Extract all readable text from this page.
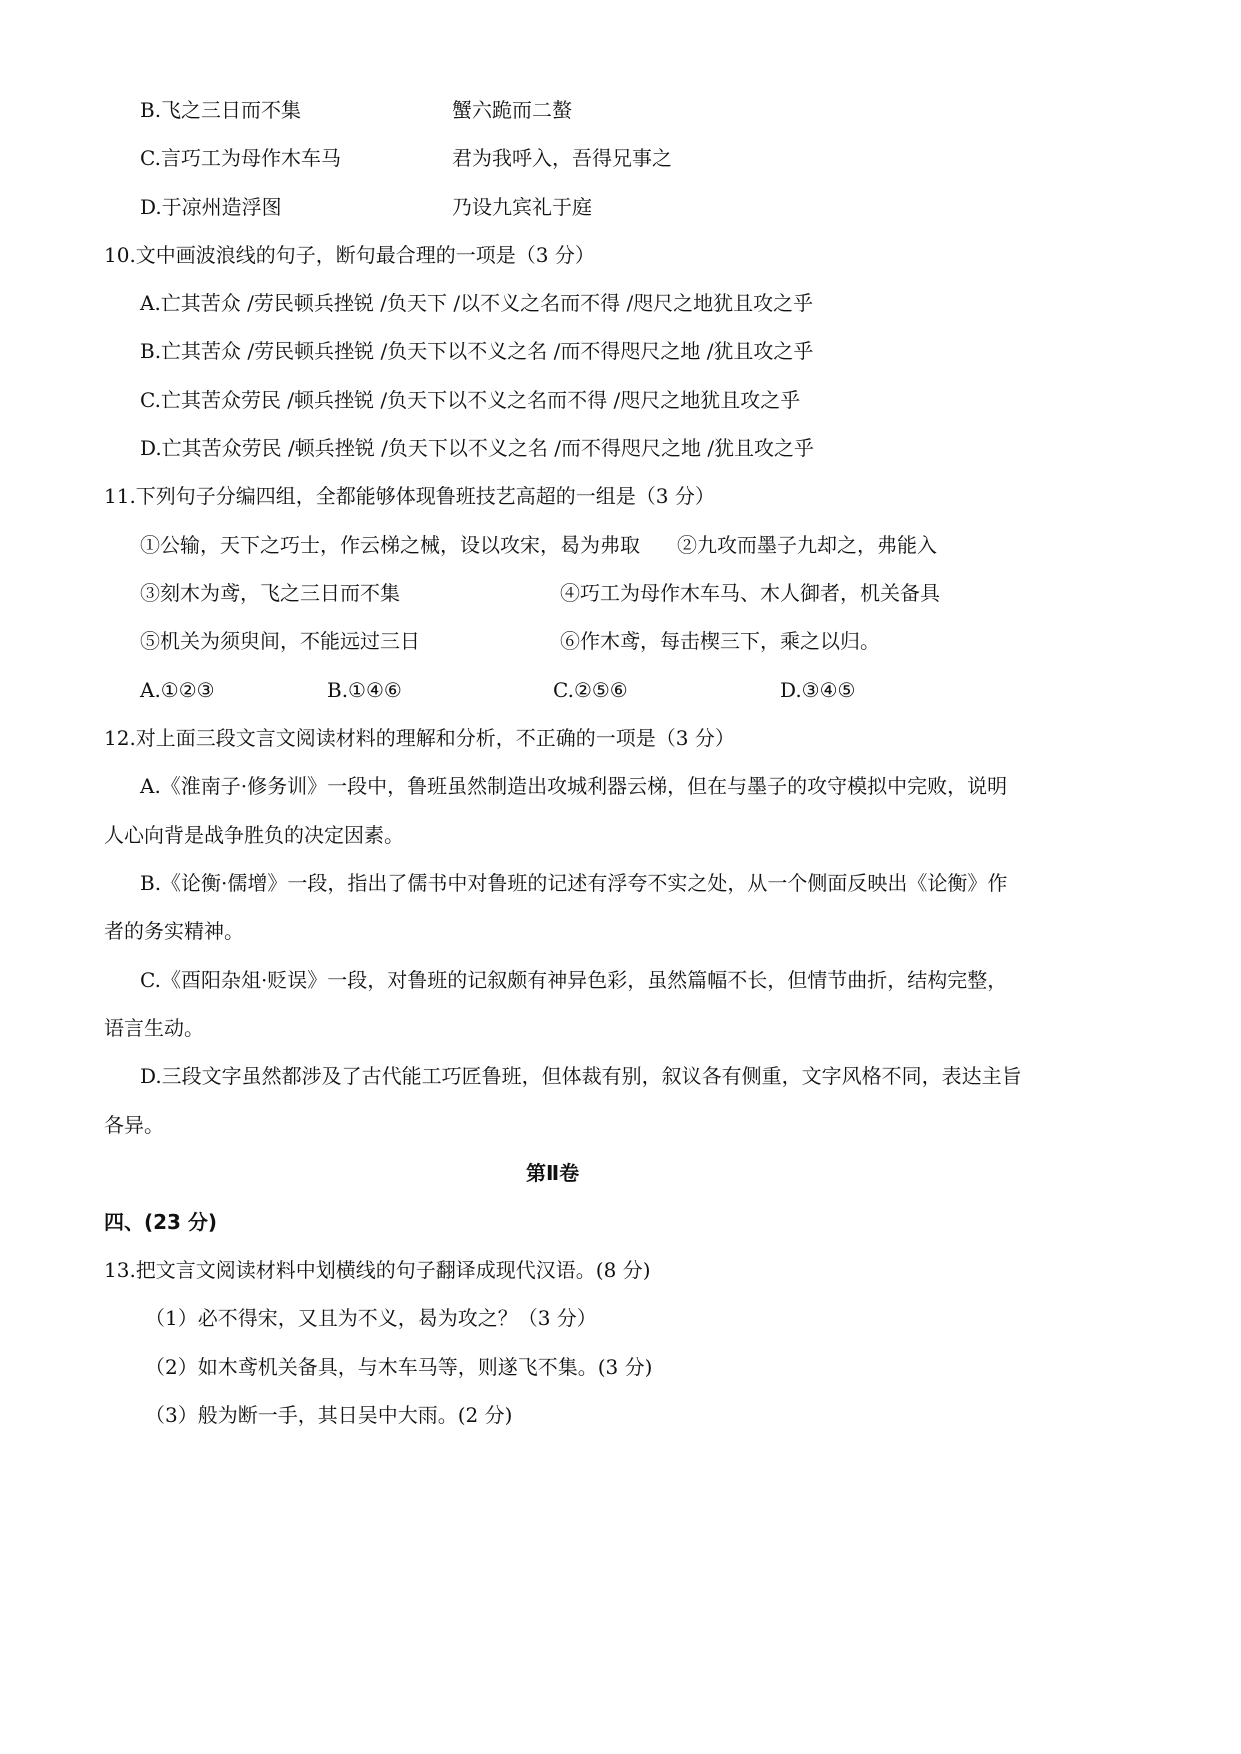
B.飞之三日而不集	蟹六跪而二螯
C.言巧工为母作木车马	君为我呼入，吾得兄事之
D.于凉州造浮图	乃设九宾礼于庭
10.文中画波浪线的句子，断句最合理的一项是（3 分）
A.亡其苦众 /劳民顿兵挫锐 /负天下 /以不义之名而不得 /咫尺之地犹且攻之乎
B.亡其苦众 /劳民顿兵挫锐 /负天下以不义之名 /而不得咫尺之地 /犹且攻之乎
C.亡其苦众劳民 /顿兵挫锐 /负天下以不义之名而不得 /咫尺之地犹且攻之乎
D.亡其苦众劳民 /顿兵挫锐 /负天下以不义之名 /而不得咫尺之地 /犹且攻之乎
11.下列句子分编四组，全都能够体现鲁班技艺高超的一组是（3 分）
①公输，天下之巧士，作云梯之械，设以攻宋，曷为弗取 ②九攻而墨子九却之，弗能入
③刻木为鸢，飞之三日而不集	④巧工为母作木车马、木人御者，机关备具
⑤机关为须臾间，不能远过三日	⑥作木鸢，每击楔三下，乘之以归。
A.①②③	B.①④⑥	C.②⑤⑥	D.③④⑤
12.对上面三段文言文阅读材料的理解和分析，不正确的一项是（3 分）
A.《淮南子·修务训》一段中，鲁班虽然制造出攻城利器云梯，但在与墨子的攻守模拟中完败，说明
人心向背是战争胜负的决定因素。
B.《论衡·儒增》一段，指出了儒书中对鲁班的记述有浮夸不实之处，从一个侧面反映出《论衡》作
者的务实精神。
C.《酉阳杂俎·贬误》一段，对鲁班的记叙颇有神异色彩，虽然篇幅不长，但情节曲折，结构完整，
语言生动。
D.三段文字虽然都涉及了古代能工巧匠鲁班，但体裁有别，叙议各有侧重，文字风格不同，表达主旨
各异。
第Ⅱ卷
四、(23 分)
13.把文言文阅读材料中划横线的句子翻译成现代汉语。(8 分)
（1）必不得宋，又且为不义，曷为攻之？（3 分）
（2）如木鸢机关备具，与木车马等，则遂飞不集。(3 分)
（3）般为断一手，其日吴中大雨。(2 分)
